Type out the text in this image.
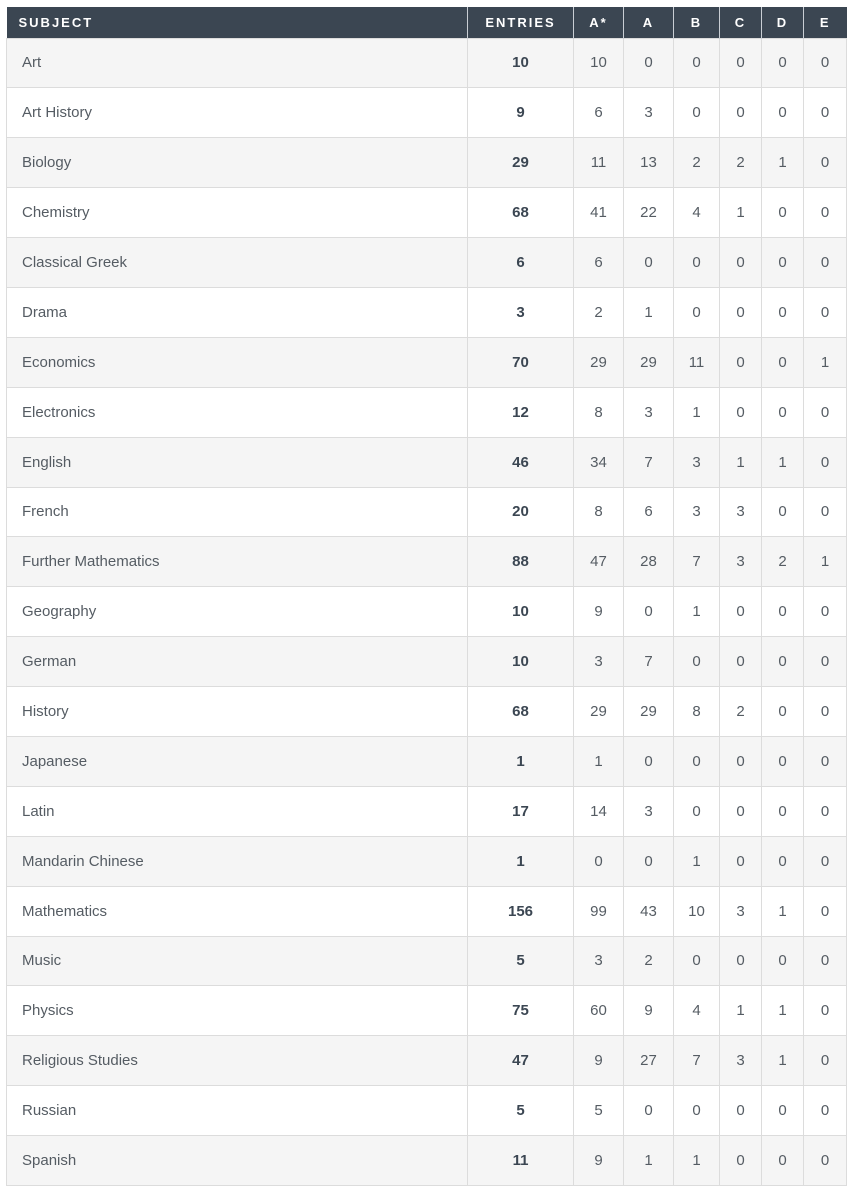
SUBJECT	ENTRIES	A*	A	B	C	D	E
Art	10	10	0	0	0	0	0
Art History	9	6	3	0	0	0	0
Biology	29	11	13	2	2	1	0
Chemistry	68	41	22	4	1	0	0
Classical Greek	6	6	0	0	0	0	0
Drama	3	2	1	0	0	0	0
Economics	70	29	29	11	0	0	1
Electronics	12	8	3	1	0	0	0
English	46	34	7	3	1	1	0
French	20	8	6	3	3	0	0
Further Mathematics	88	47	28	7	3	2	1
Geography	10	9	0	1	0	0	0
German	10	3	7	0	0	0	0
History	68	29	29	8	2	0	0
Japanese	1	1	0	0	0	0	0
Latin	17	14	3	0	0	0	0
Mandarin Chinese	1	0	0	1	0	0	0
Mathematics	156	99	43	10	3	1	0
Music	5	3	2	0	0	0	0
Physics	75	60	9	4	1	1	0
Religious Studies	47	9	27	7	3	1	0
Russian	5	5	0	0	0	0	0
Spanish	11	9	1	1	0	0	0
